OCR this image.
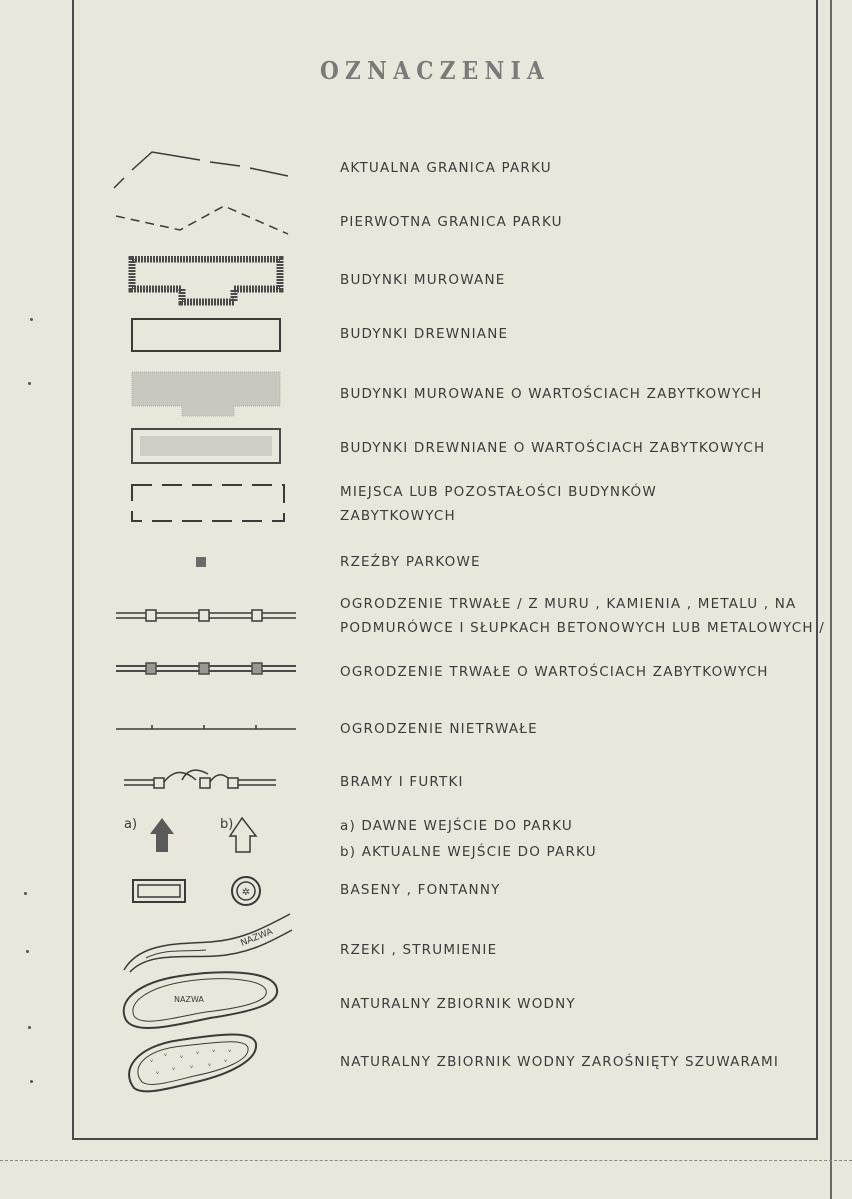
OZNACZENIA
AKTUALNA GRANICA PARKU
PIERWOTNA GRANICA PARKU
BUDYNKI MUROWANE
BUDYNKI DREWNIANE
BUDYNKI MUROWANE O WARTOŚCIACH ZABYTKOWYCH
BUDYNKI DREWNIANE O WARTOŚCIACH ZABYTKOWYCH
MIEJSCA LUB POZOSTAŁOŚCI BUDYNKÓW
ZABYTKOWYCH
RZEŹBY PARKOWE
OGRODZENIE TRWAŁE / Z MURU , KAMIENIA , METALU , NA
PODMURÓWCE I SŁUPKACH BETONOWYCH LUB METALOWYCH /
OGRODZENIE TRWAŁE O WARTOŚCIACH ZABYTKOWYCH
OGRODZENIE NIETRWAŁE
BRAMY I FURTKI
a)	b)	a) DAWNE WEJŚCIE DO PARKU
b) AKTUALNE WEJŚCIE DO PARKU
✲	BASENY , FONTANNY
NAZWA
RZEKI , STRUMIENIE
NAZWA	NATURALNY ZBIORNIK WODNY
ᵥ
ᵥ ᵥ ᵥ ᵥ ᵥ
ᵥ ᵥ ᵥ ᵥ ᵥ	NATURALNY ZBIORNIK WODNY ZAROŚNIĘTY SZUWARAMI
